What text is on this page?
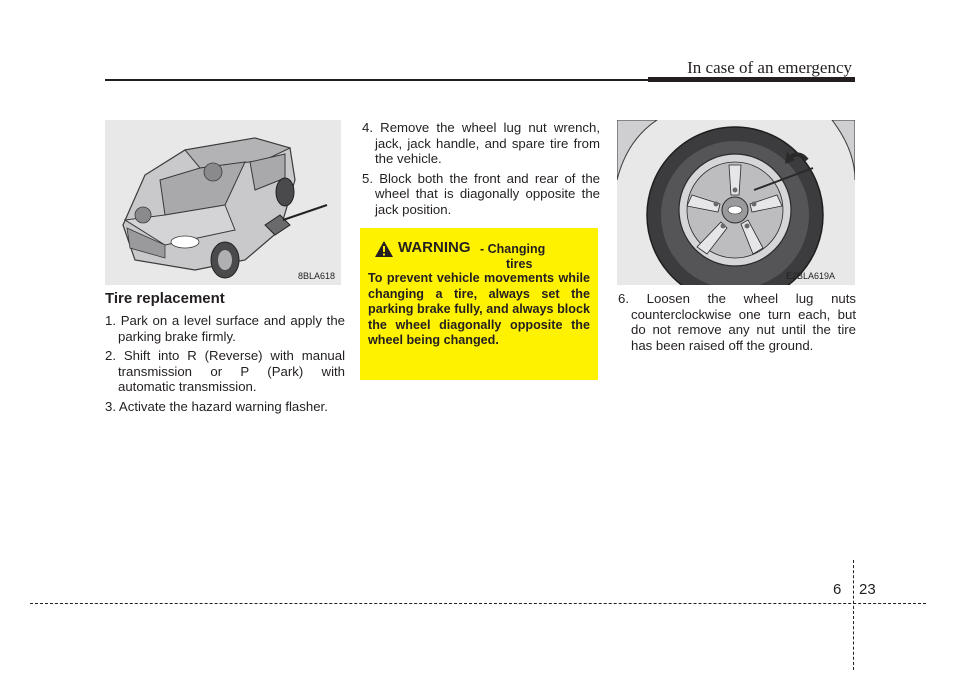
In case of an emergency
8BLA618
Tire replacement

1. Park on a level surface and apply the parking brake firmly.

2. Shift into R (Reverse) with manual transmission or P (Park) with automatic transmission.

3. Activate the hazard warning flasher.

4. Remove the wheel lug nut wrench, jack, jack handle, and spare tire from the vehicle.

5. Block both the front and rear of the wheel that is diagonally opposite the jack position.

WARNING - Changing
tires

To prevent vehicle movements while changing a tire, always set the parking brake fully, and always block the wheel diagonally opposite the wheel being changed.

E2BLA619A

6. Loosen the wheel lug nuts counterclockwise one turn each, but do not remove any nut until the tire has been raised off the ground.

6 23
